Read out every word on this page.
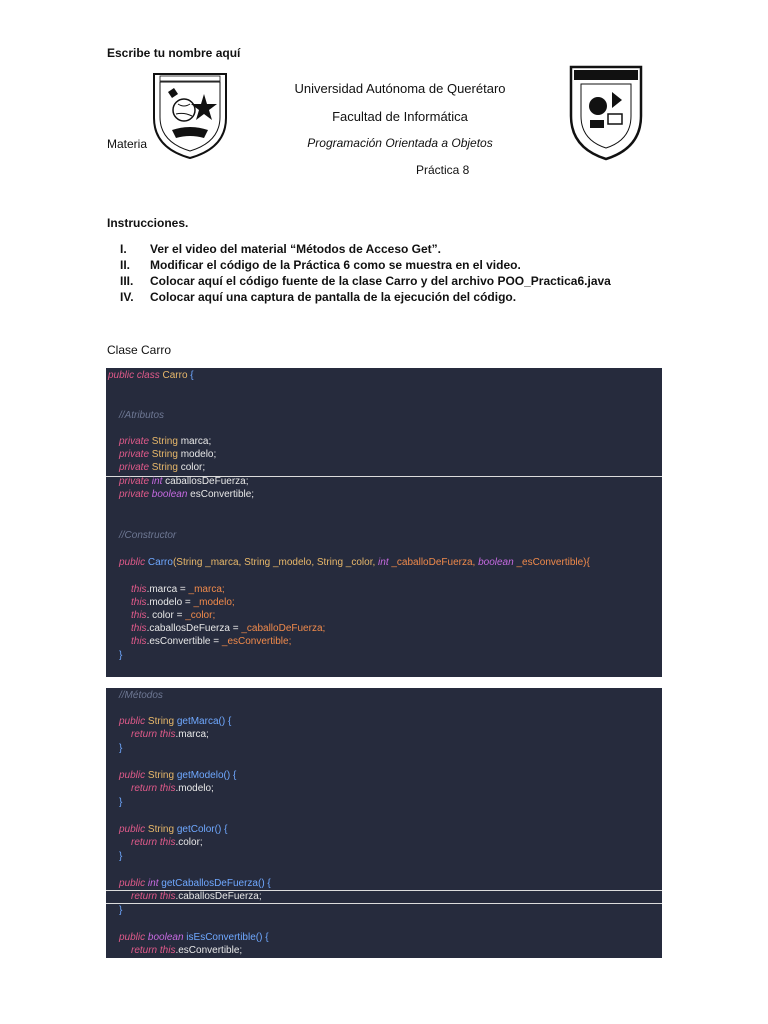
Escribe tu nombre aquí
Materia
Universidad Autónoma de Querétaro
Facultad de Informática
Programación Orientada a Objetos
Práctica 8
Instrucciones.
I. Ver el video del material “Métodos de Acceso Get”.
II. Modificar el código de la Práctica 6 como se muestra en el video.
III. Colocar aquí el código fuente de la clase Carro y del archivo POO_Practica6.java
IV. Colocar aquí una captura de pantalla de la ejecución del código.
Clase Carro
public class Carro {
//Atributos
private String marca;
private String modelo;
private String color;
private int caballosDeFuerza;
private boolean esConvertible;
//Constructor
public Carro(String _marca, String _modelo, String _color, int _caballoDeFuerza, boolean _esConvertible){
this.marca = _marca;
this.modelo = _modelo;
this. color = _color;
this.caballosDeFuerza = _caballoDeFuerza;
this.esConvertible = _esConvertible;
}
//Métodos
public String getMarca() {
return this.marca;
}
public String getModelo() {
return this.modelo;
}
public String getColor() {
return this.color;
}
public int getCaballosDeFuerza() {
return this.caballosDeFuerza;
}
public boolean isEsConvertible() {
return this.esConvertible;
